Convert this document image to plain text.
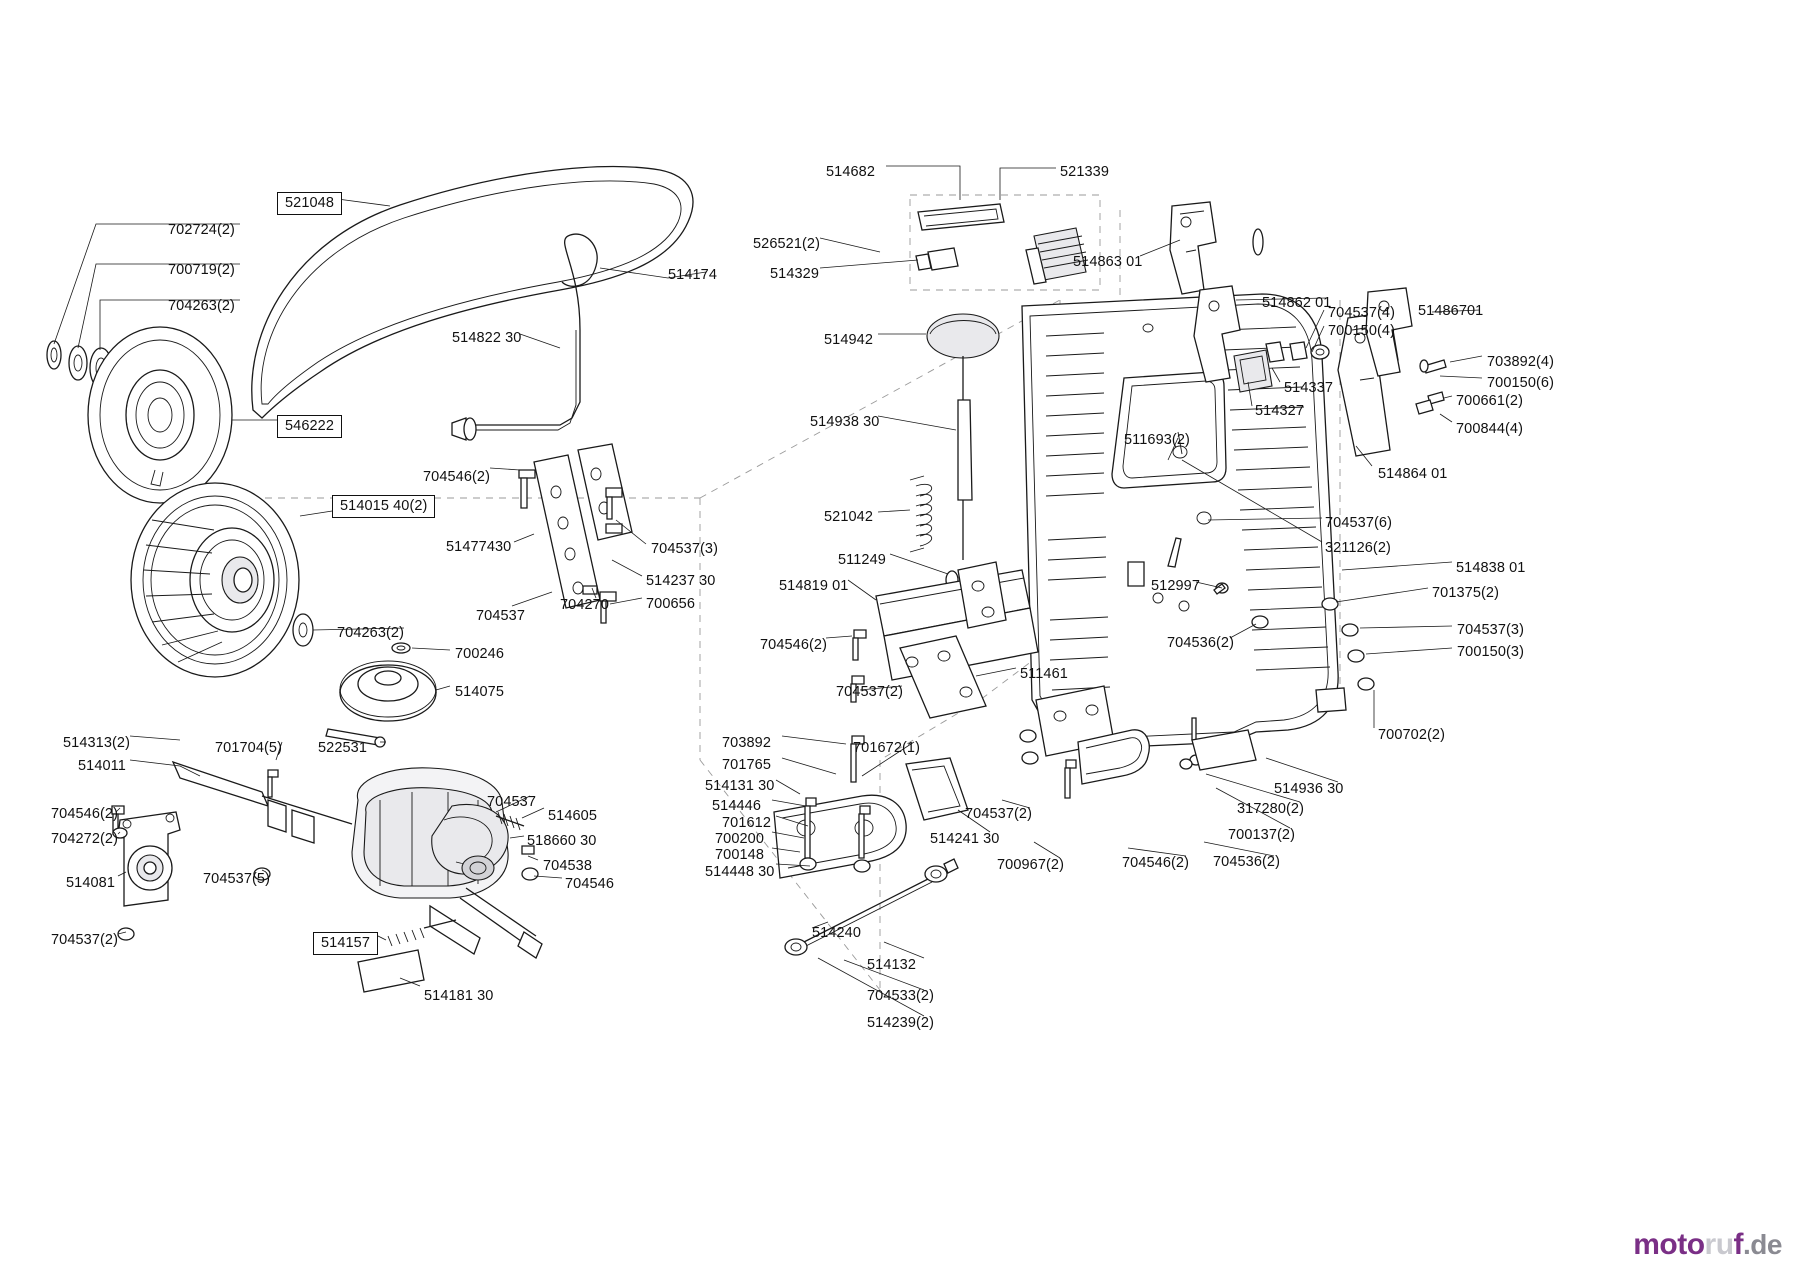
702724(2)
700719(2)
704263(2)
521048
546222
514015 40(2)
514822 30
514174
704546(2)
51477430	704537(3)
514237 30
700656
704537
704270
704263(2)
700246
514075
514313(2)
514011
701704(5) 522531
704546(2)
704272(2)
514081	704537(5)
704537(2)	514157
514181 30
704537
514605
518660 30
704538
704546
514682	521339
526521(2)
514329
514942
514938 30
521042
511249
514819 01
704546(2)
704537(2)
511461
703892
701765
514131 30
514446
701612
700200
700148
514448 30
701672(1)
704537(2)
514241 30
700967(2)	704546(2) 704536(2)
700137(2)
317280(2)
514936 30
514240
514132
704533(2)
514239(2)
514863 01
514862 01
704537(4)
700150(4)
51486701
703892(4)
700150(6)
514337
514327
700661(2)
700844(4)
514864 01
511693(2)
704537(6)
321126(2)
514838 01
701375(2)
512997
704536(2)
704537(3)
700150(3)
700702(2)
motoruf.de
